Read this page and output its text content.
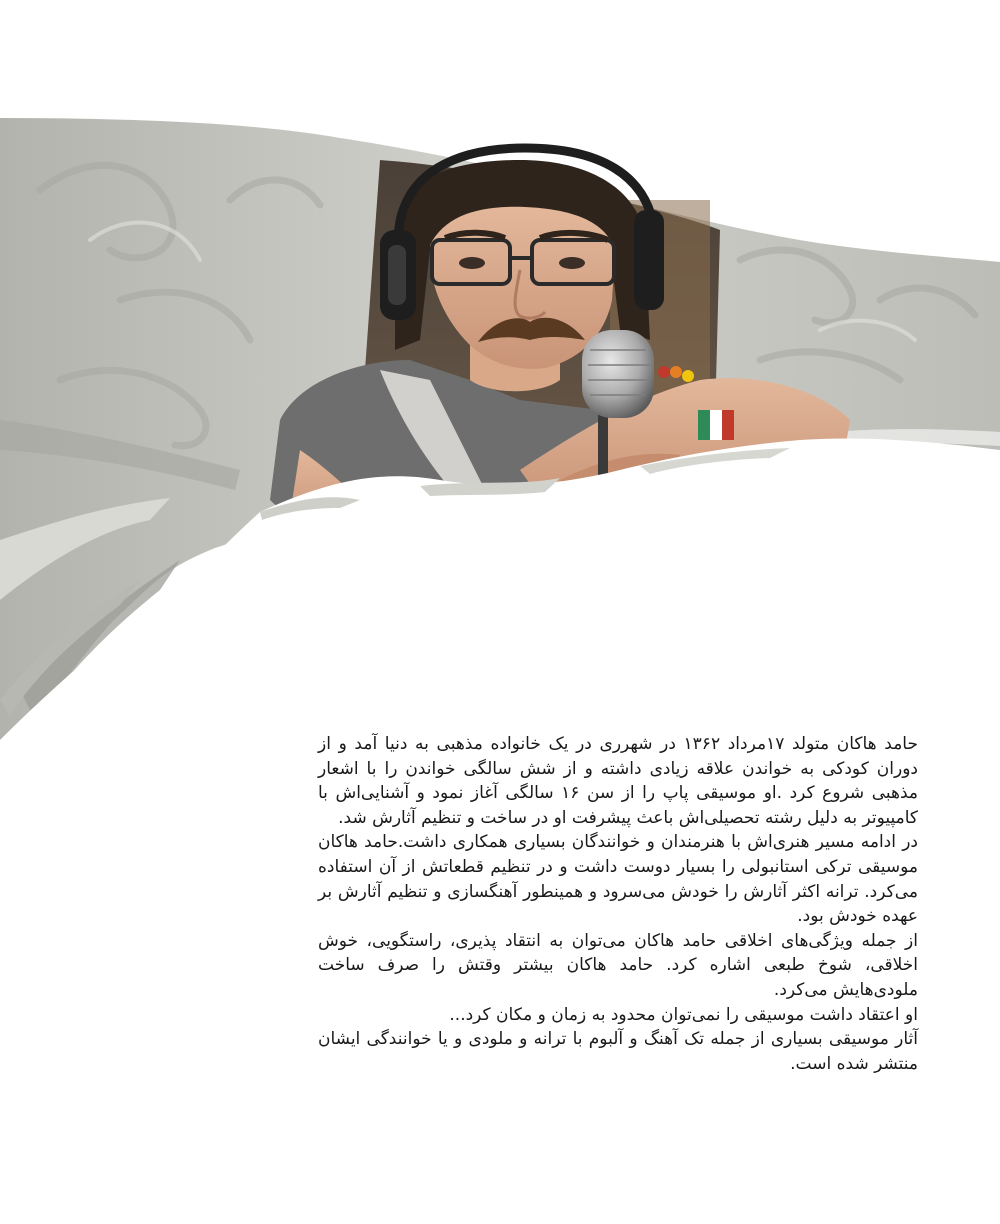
حامد هاکان متولد ۱۷مرداد ۱۳۶۲ در شهرری در یک خانواده مذهبی به دنیا آمد و از دوران کودکی به خواندن علاقه زیادی داشته و از شش سالگی خواندن را با اشعار مذهبی شروع کرد .او موسیقی پاپ را از سن ۱۶ سالگی آغاز نمود و آشنایی‌اش با کامپیوتر به دلیل رشته تحصیلی‌اش باعث پیشرفت او در ساخت و تنظیم آثارش شد.

در ادامه مسیر هنری‌اش با هنرمندان و خوانندگان بسیاری همکاری داشت.حامد هاکان موسیقی ترکی استانبولی را بسیار دوست داشت و در تنظیم قطعاتش از آن استفاده می‌کرد. ترانه اکثر آثارش را خودش می‌سرود و همینطور آهنگسازی و تنظیم آثارش بر عهده خودش بود.

از جمله ویژگی‌های اخلاقی حامد هاکان می‌توان به انتقاد پذیری، راستگویی، خوش اخلاقی، شوخ طبعی اشاره کرد. حامد هاکان بیشتر وقتش را صرف ساخت ملودی‌هایش می‌کرد.

او اعتقاد داشت موسیقی را نمی‌توان محدود به زمان و مکان کرد...

آثار موسیقی بسیاری از جمله تک آهنگ و آلبوم با ترانه و ملودی و یا خوانندگی ایشان منتشر شده است.
